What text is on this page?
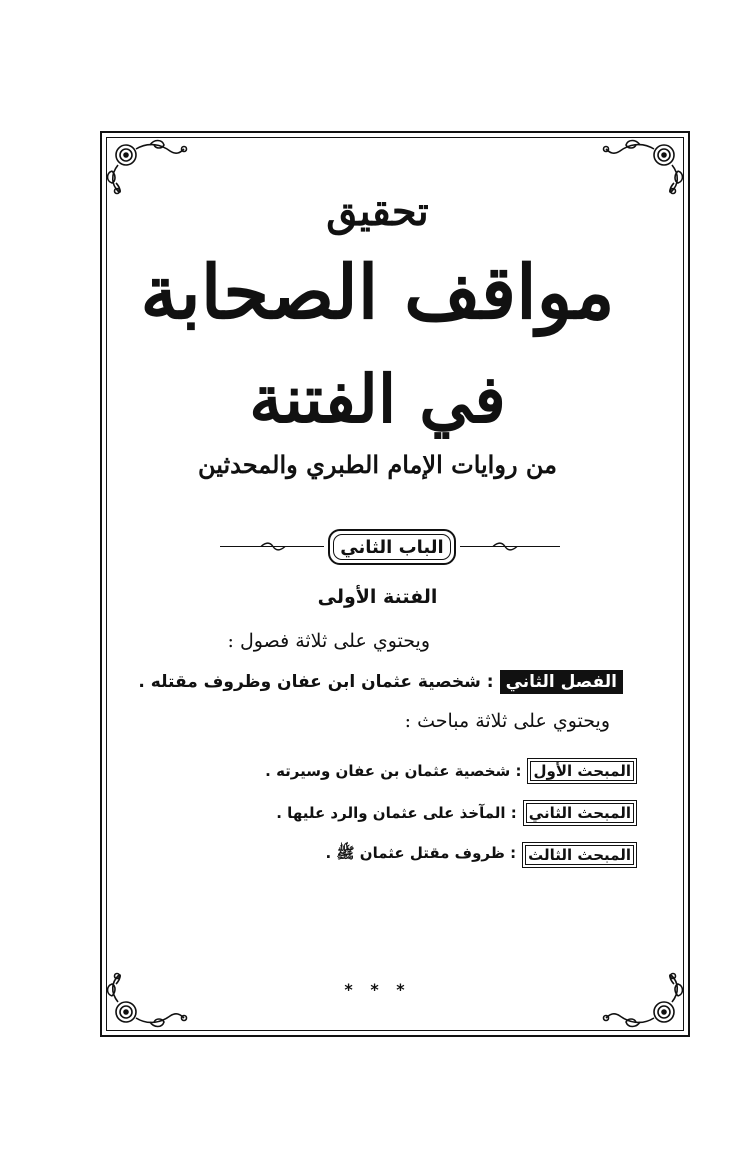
تحقيق
مواقف الصحابة
في الفتنة
من روايات الإمام الطبري والمحدثين
الباب الثاني
الفتنة الأولى
ويحتوي على ثلاثة فصول :
الفصل الثاني: شخصية عثمان ابن عفان وظروف مقتله .
ويحتوي على ثلاثة مباحث :
المبحث الأول
: شخصية عثمان بن عفان وسيرته .
المبحث الثاني
: المآخذ على عثمان والرد عليها .
المبحث الثالث
: ظروف مقتل عثمان ﷺ .
* * *
